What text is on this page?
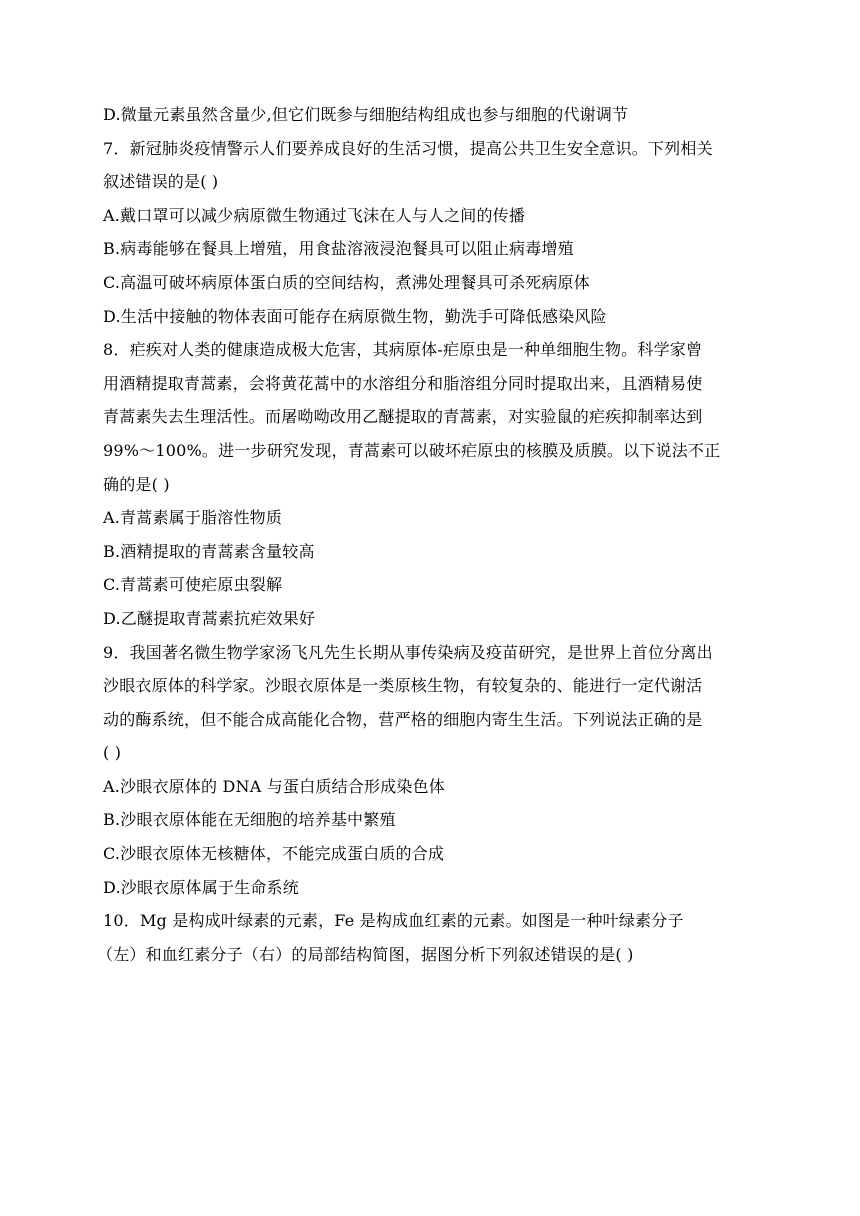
D.微量元素虽然含量少,但它们既参与细胞结构组成也参与细胞的代谢调节
7．新冠肺炎疫情警示人们要养成良好的生活习惯，提高公共卫生安全意识。下列相关
叙述错误的是( )
A.戴口罩可以减少病原微生物通过飞沫在人与人之间的传播
B.病毒能够在餐具上增殖，用食盐溶液浸泡餐具可以阻止病毒增殖
C.高温可破坏病原体蛋白质的空间结构，煮沸处理餐具可杀死病原体
D.生活中接触的物体表面可能存在病原微生物，勤洗手可降低感染风险
8．疟疾对人类的健康造成极大危害，其病原体-疟原虫是一种单细胞生物。科学家曾
用酒精提取青蒿素，会将黄花蒿中的水溶组分和脂溶组分同时提取出来，且酒精易使
青蒿素失去生理活性。而屠呦呦改用乙醚提取的青蒿素，对实验鼠的疟疾抑制率达到
99%～100%。进一步研究发现，青蒿素可以破坏疟原虫的核膜及质膜。以下说法不正
确的是( )
A.青蒿素属于脂溶性物质
B.酒精提取的青蒿素含量较高
C.青蒿素可使疟原虫裂解
D.乙醚提取青蒿素抗疟效果好
9．我国著名微生物学家汤飞凡先生长期从事传染病及疫苗研究，是世界上首位分离出
沙眼衣原体的科学家。沙眼衣原体是一类原核生物，有较复杂的、能进行一定代谢活
动的酶系统，但不能合成高能化合物，营严格的细胞内寄生生活。下列说法正确的是
( )
A.沙眼衣原体的 DNA 与蛋白质结合形成染色体
B.沙眼衣原体能在无细胞的培养基中繁殖
C.沙眼衣原体无核糖体，不能完成蛋白质的合成
D.沙眼衣原体属于生命系统
10．Mg 是构成叶绿素的元素，Fe 是构成血红素的元素。如图是一种叶绿素分子
（左）和血红素分子（右）的局部结构简图，据图分析下列叙述错误的是( )
